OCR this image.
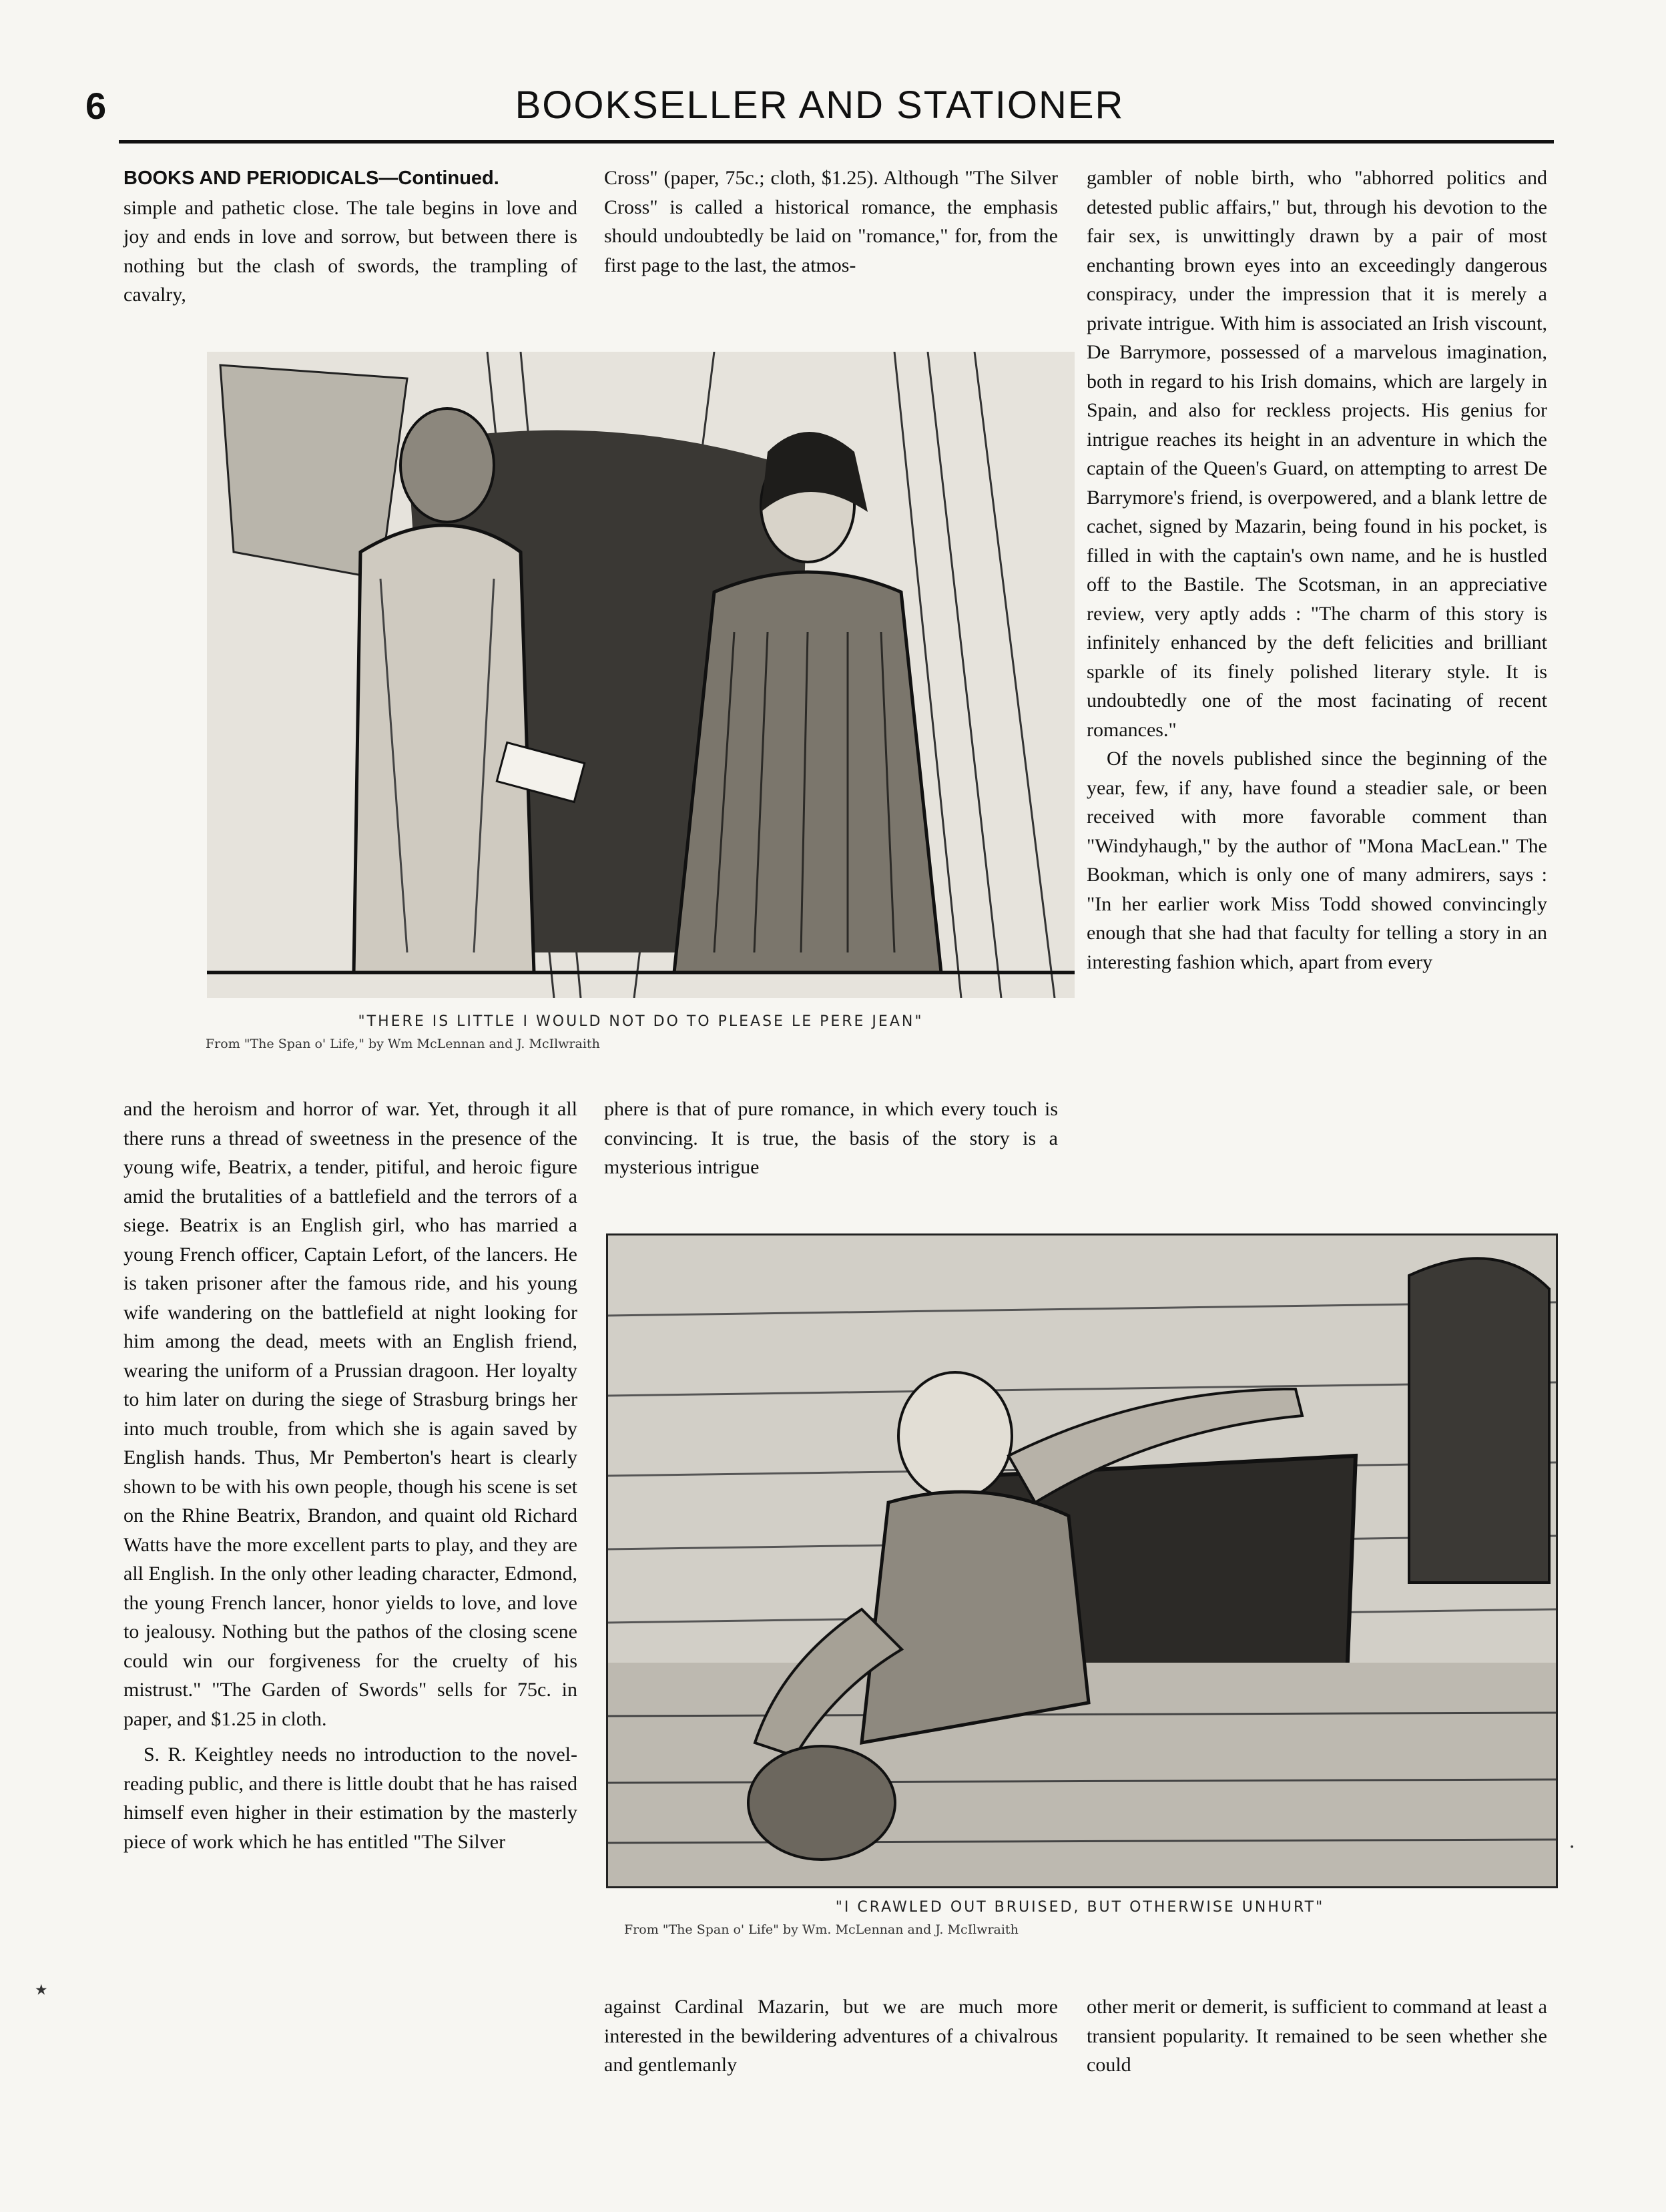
6	BOOKSELLER AND STATIONER

BOOKS AND PERIODICALS—Continued.
simple and pathetic close. The tale begins in love and joy and ends in love and sorrow, but between there is nothing but the clash of swords, the trampling of cavalry,

Cross" (paper, 75c.; cloth, $1.25). Although "The Silver Cross" is called a historical romance, the emphasis should undoubtedly be laid on "romance," for, from the first page to the last, the atmos-

gambler of noble birth, who "abhorred politics and detested public affairs," but, through his devotion to the fair sex, is unwittingly drawn by a pair of most enchanting brown eyes into an exceedingly dangerous conspiracy, under the impression that it is merely a private intrigue. With him is associated an Irish viscount, De Barrymore, possessed of a marvelous imagination, both in regard to his Irish domains, which are largely in Spain, and also for reckless projects. His genius for intrigue reaches its height in an adventure in which the captain of the Queen's Guard, on attempting to arrest De Barrymore's friend, is overpowered, and a blank lettre de cachet, signed by Mazarin, being found in his pocket, is filled in with the captain's own name, and he is hustled off to the Bastile. The Scotsman, in an appreciative review, very aptly adds : "The charm of this story is infinitely enhanced by the deft felicities and brilliant sparkle of its finely polished literary style. It is undoubtedly one of the most facinating of recent romances."

Of the novels published since the beginning of the year, few, if any, have found a steadier sale, or been received with more favorable comment than "Windyhaugh," by the author of "Mona MacLean." The Bookman, which is only one of many admirers, says : "In her earlier work Miss Todd showed convincingly enough that she had that faculty for telling a story in an interesting fashion which, apart from every

"THERE IS LITTLE I WOULD NOT DO TO PLEASE LE PERE JEAN"
From "The Span o' Life," by Wm McLennan and J. McIlwraith

and the heroism and horror of war. Yet, through it all there runs a thread of sweetness in the presence of the young wife, Beatrix, a tender, pitiful, and heroic figure amid the brutalities of a battlefield and the terrors of a siege. Beatrix is an English girl, who has married a young French officer, Captain Lefort, of the lancers. He is taken prisoner after the famous ride, and his young wife wandering on the battlefield at night looking for him among the dead, meets with an English friend, wearing the uniform of a Prussian dragoon. Her loyalty to him later on during the siege of Strasburg brings her into much trouble, from which she is again saved by English hands. Thus, Mr Pemberton's heart is clearly shown to be with his own people, though his scene is set on the Rhine Beatrix, Brandon, and quaint old Richard Watts have the more excellent parts to play, and they are all English. In the only other leading character, Edmond, the young French lancer, honor yields to love, and love to jealousy. Nothing but the pathos of the closing scene could win our forgiveness for the cruelty of his mistrust." "The Garden of Swords" sells for 75c. in paper, and $1.25 in cloth.

S. R. Keightley needs no introduction to the novel-reading public, and there is little doubt that he has raised himself even higher in their estimation by the masterly piece of work which he has entitled "The Silver

phere is that of pure romance, in which every touch is convincing. It is true, the basis of the story is a mysterious intrigue

"I CRAWLED OUT BRUISED, BUT OTHERWISE UNHURT"
From "The Span o' Life" by Wm. McLennan and J. McIlwraith

against Cardinal Mazarin, but we are much more interested in the bewildering adventures of a chivalrous and gentlemanly

other merit or demerit, is sufficient to command at least a transient popularity. It remained to be seen whether she could

⋆
⋅
